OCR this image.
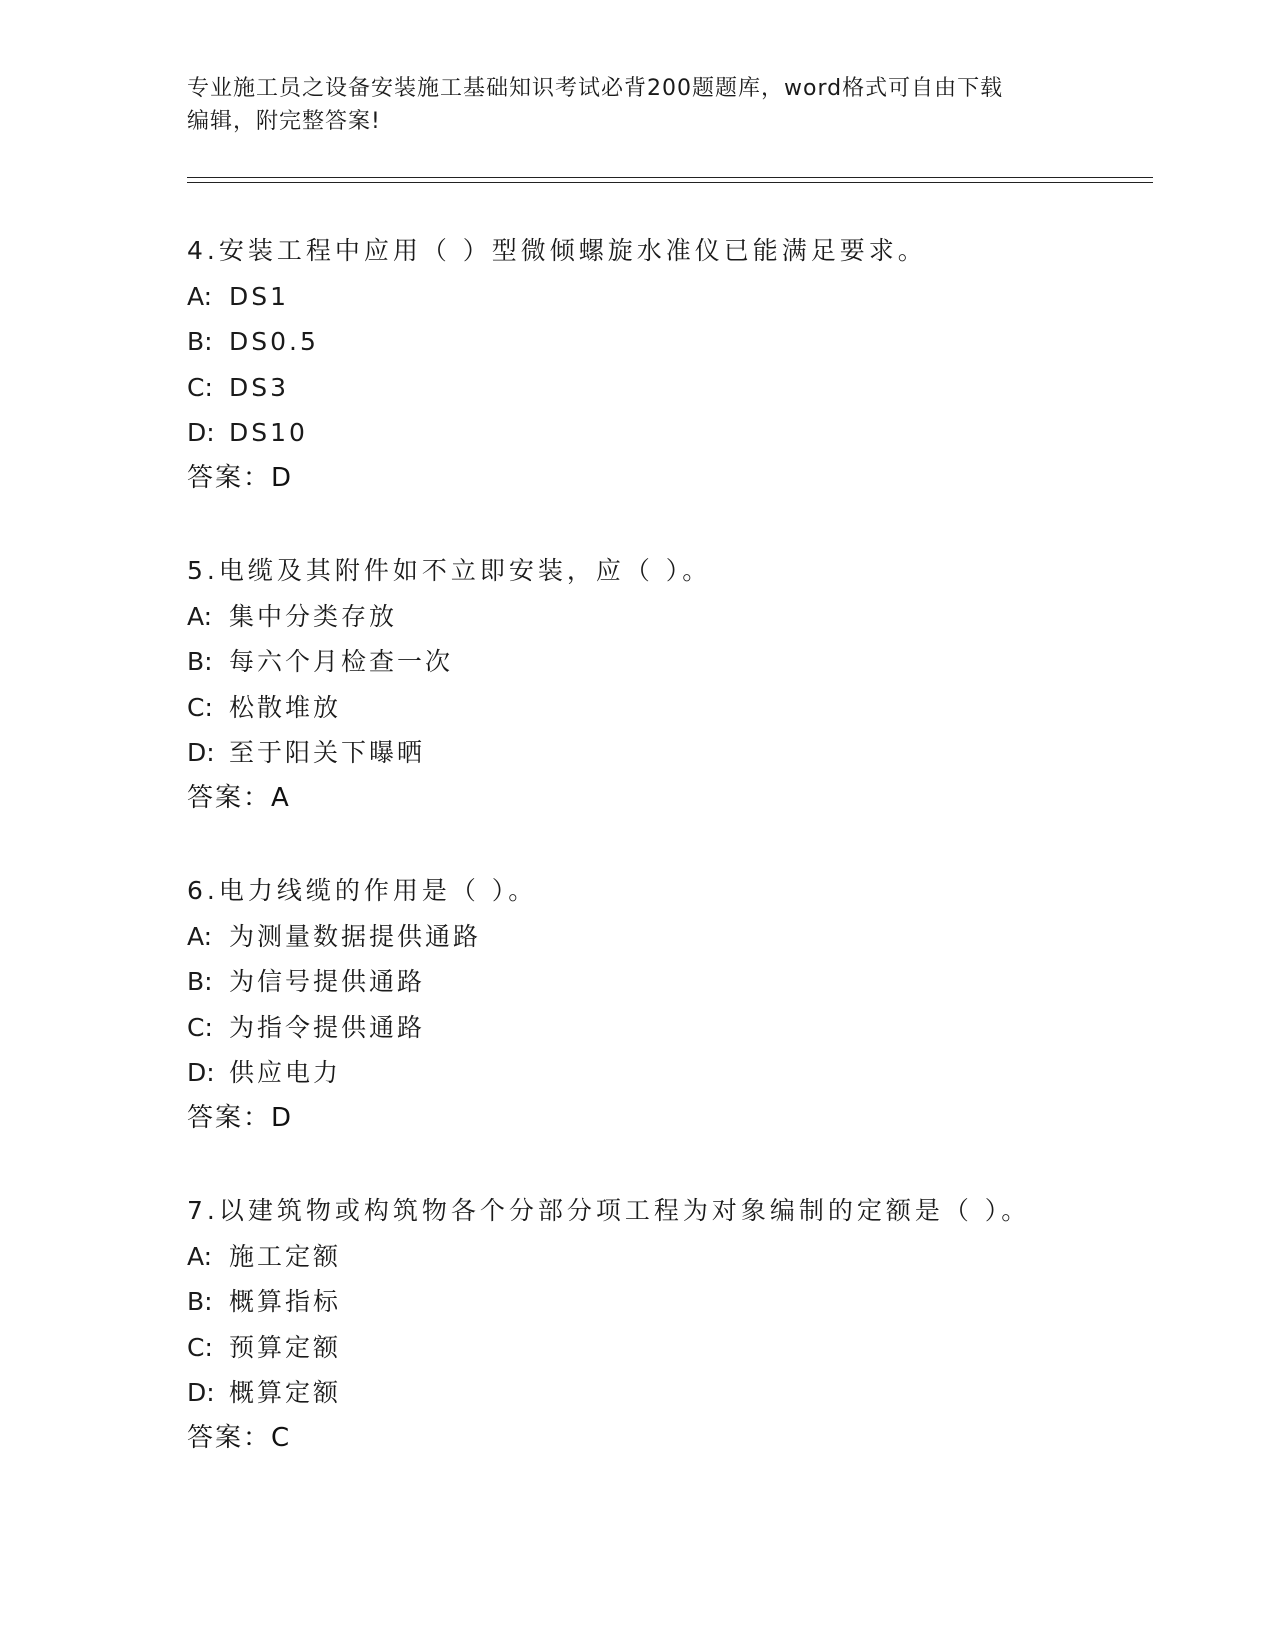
专业施工员之设备安装施工基础知识考试必背200题题库，word格式可自由下载
编辑，附完整答案!
4.安装工程中应用（ ）型微倾螺旋水准仪已能满足要求。
A: DS1
B: DS0.5
C: DS3
D: DS10
答案：D
5.电缆及其附件如不立即安装，应（ ）。
A: 集中分类存放
B: 每六个月检查一次
C: 松散堆放
D: 至于阳关下曝晒
答案：A
6.电力线缆的作用是（ ）。
A: 为测量数据提供通路
B: 为信号提供通路
C: 为指令提供通路
D: 供应电力
答案：D
7.以建筑物或构筑物各个分部分项工程为对象编制的定额是（ ）。
A: 施工定额
B: 概算指标
C: 预算定额
D: 概算定额
答案：C
